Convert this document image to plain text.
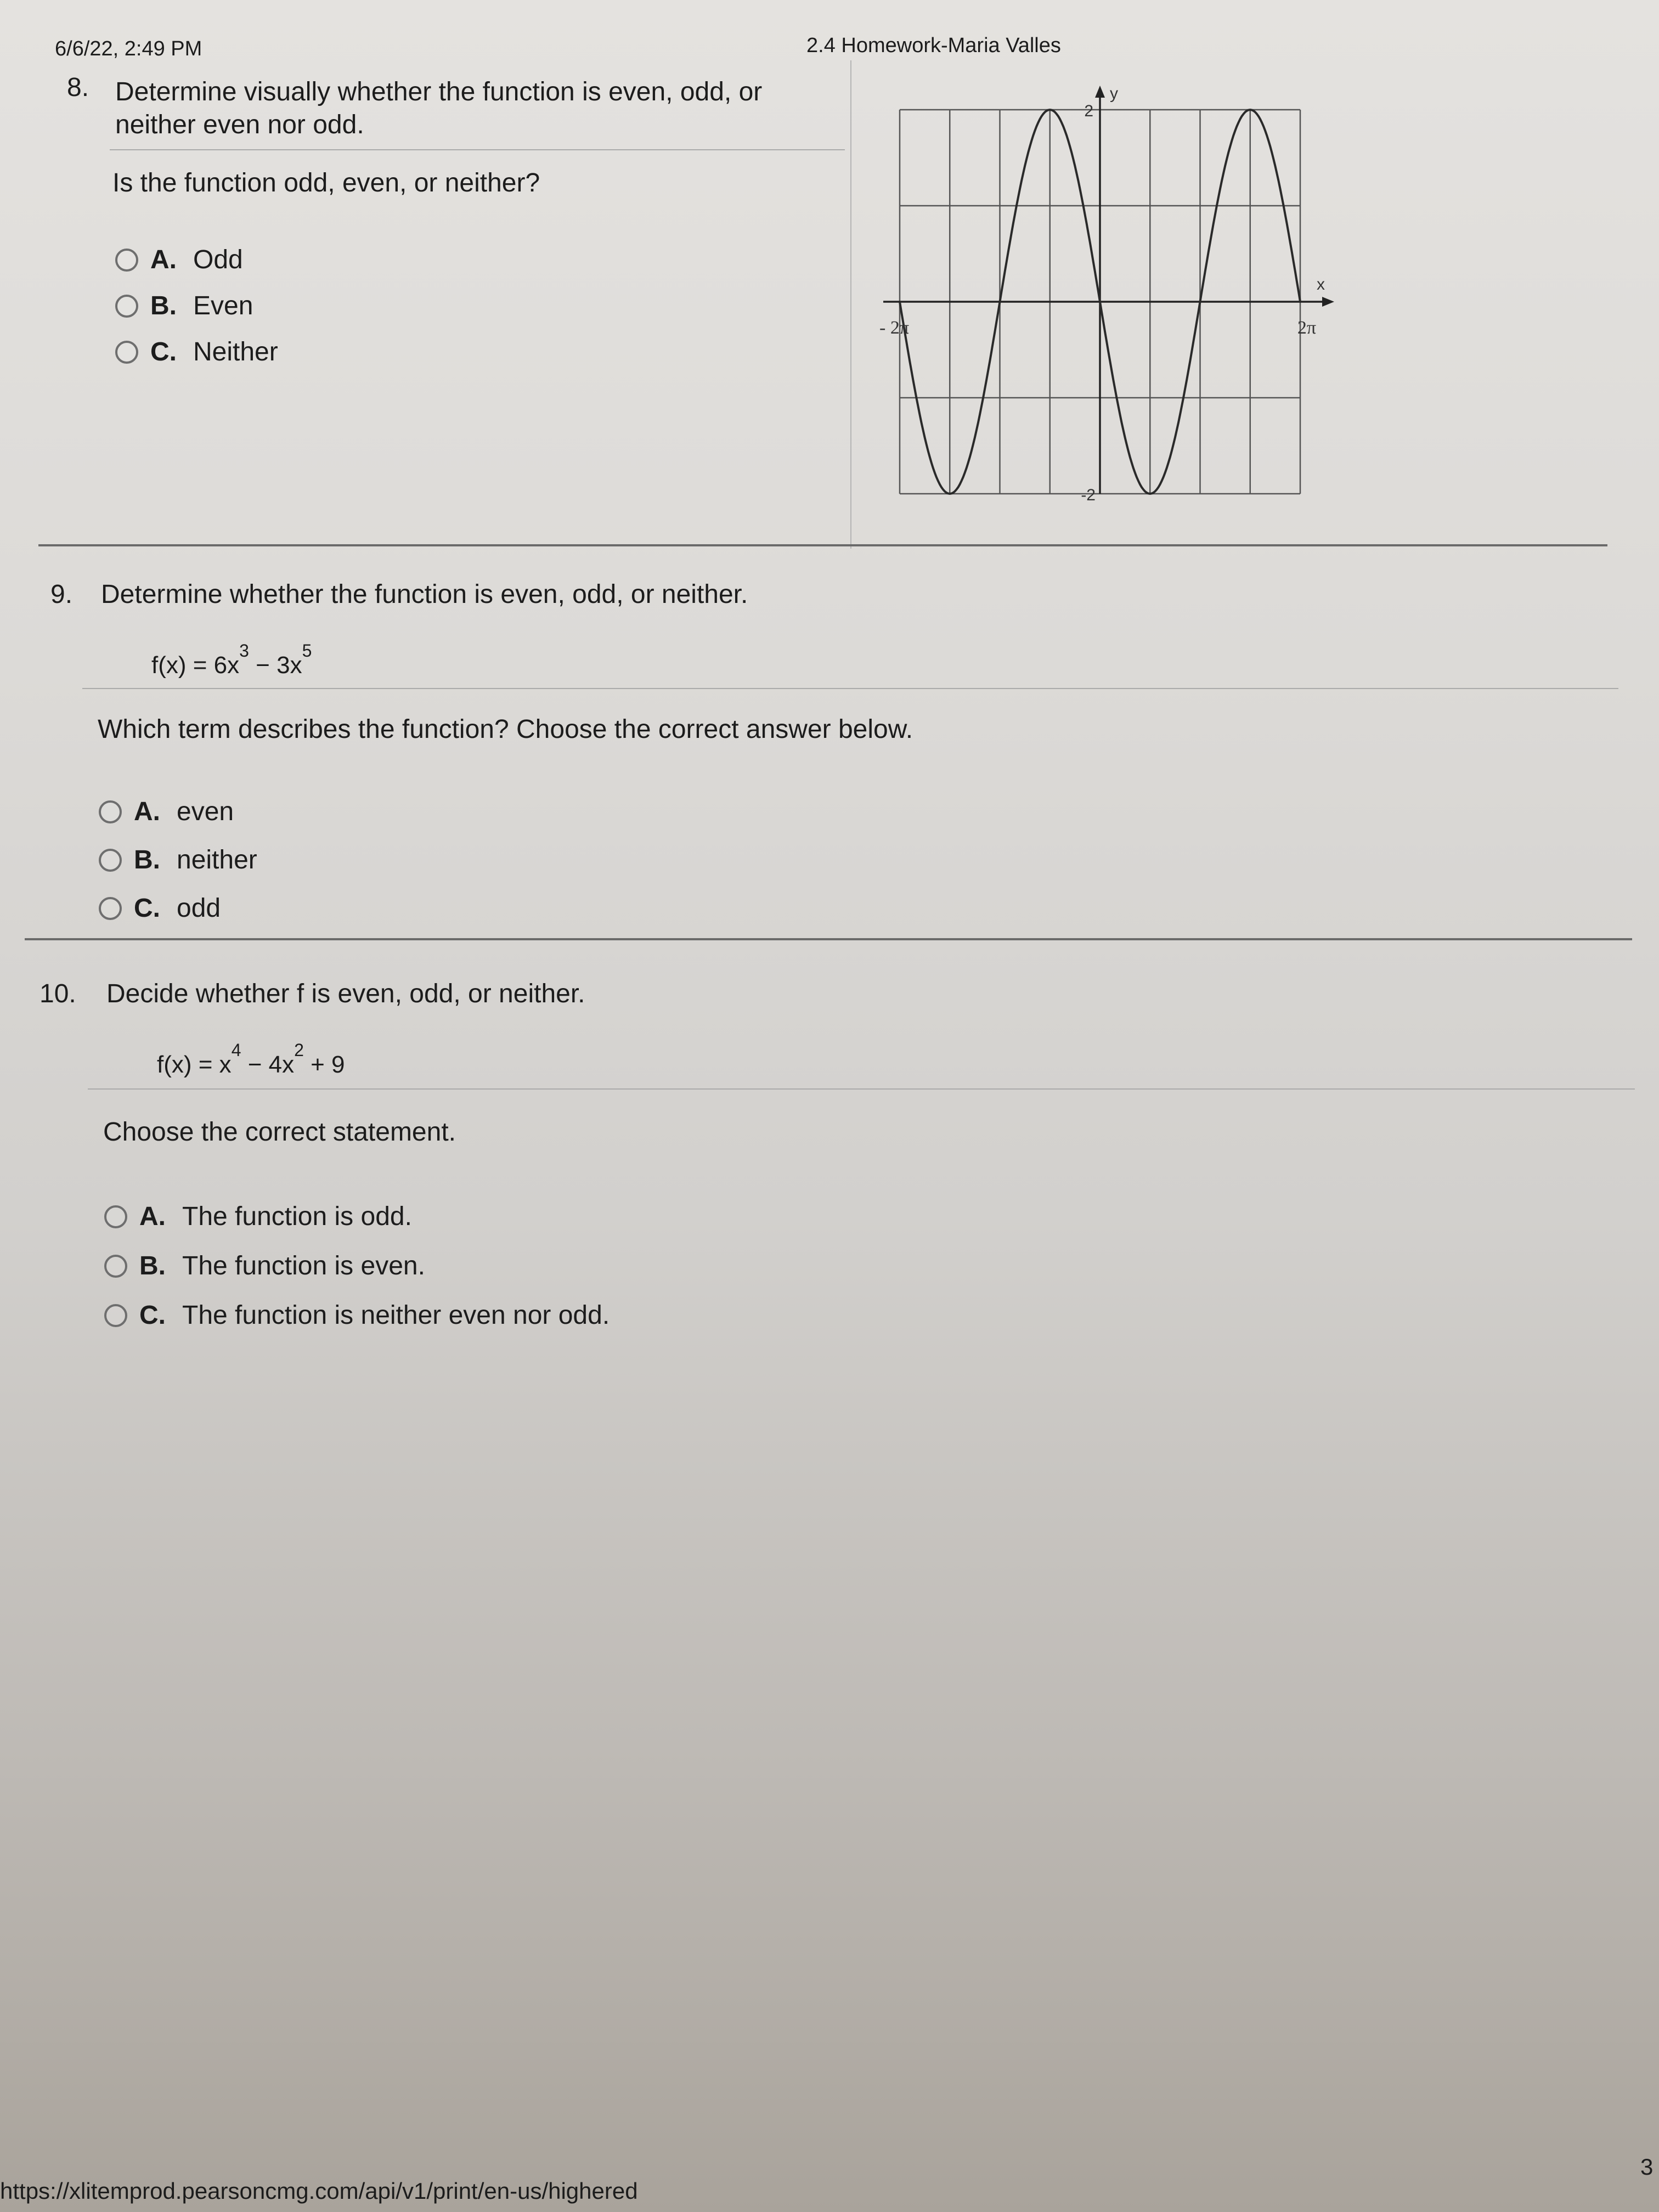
6/6/22, 2:49 PM	2.4 Homework-Maria Valles
8. Determine visually whether the function is even, odd, or
neither even nor odd.
Is the function odd, even, or neither?
A. Odd
B. Even
C. Neither
y
x
2
-2
- 2π	2π
9. Determine whether the function is even, odd, or neither.
$f(x) = 6x^3 - 3x^5$
Which term describes the function? Choose the correct answer below.
A. even
B. neither
C. odd
10. Decide whether f is even, odd, or neither.
$f(x) = x^4 - 4x^2 + 9$
Choose the correct statement.
A. The function is odd.
B. The function is even.
C. The function is neither even nor odd.
https://xlitemprod.pearsoncmg.com/api/v1/print/en-us/highered
3
